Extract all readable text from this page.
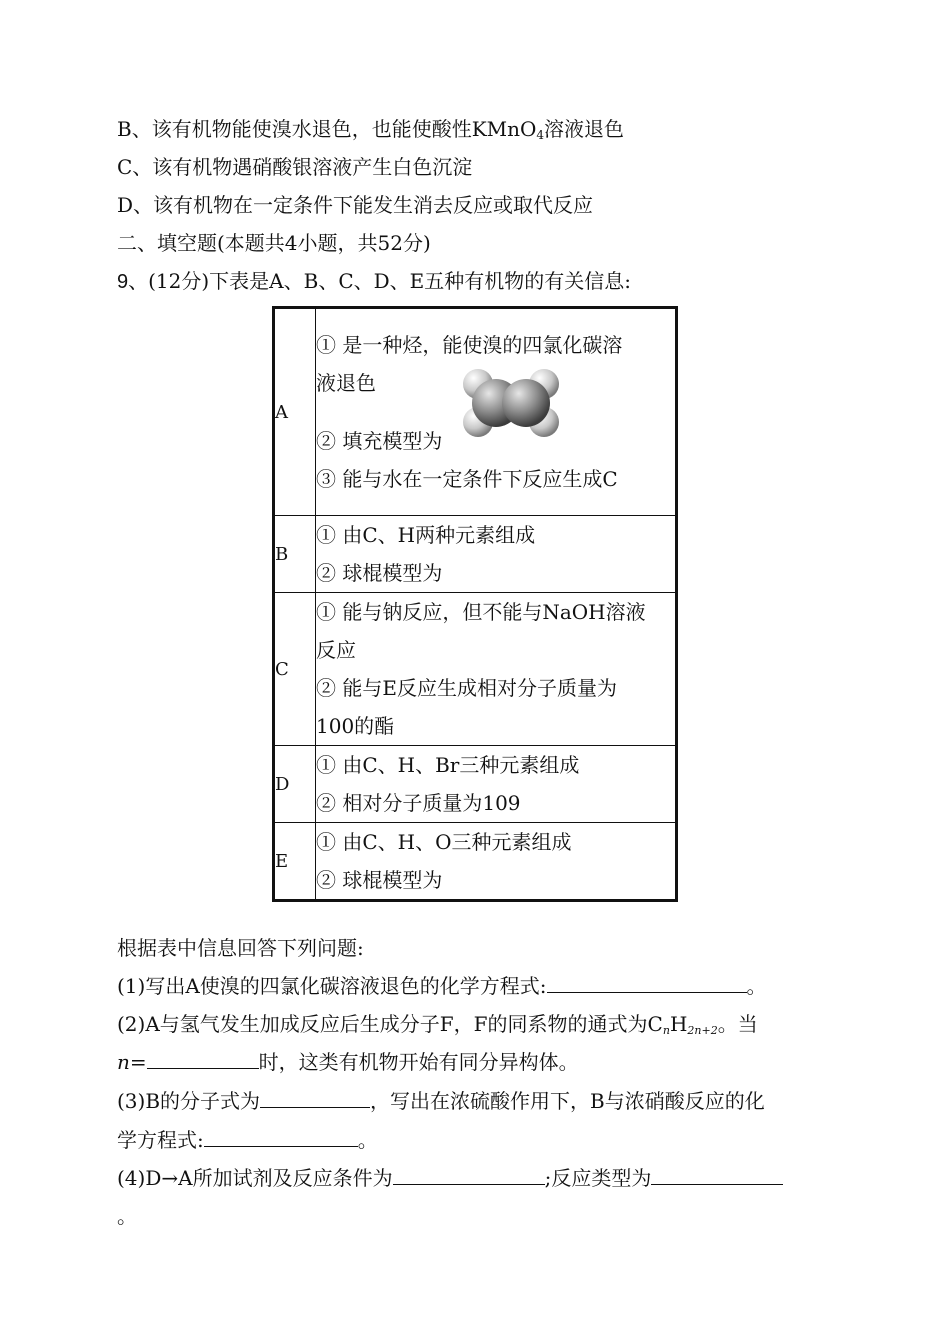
B、该有机物能使溴水退色，也能使酸性KMnO$_4$溶液退色
C、该有机物遇硝酸银溶液产生白色沉淀
D、该有机物在一定条件下能发生消去反应或取代反应
二、填空题(本题共4小题，共52分)
9、(12分)下表是A、B、C、D、E五种有机物的有关信息:
A	① 是一种烃，能使溴的四氯化碳溶
液退色
② 填充模型为
③ 能与水在一定条件下反应生成C

B	① 由C、H两种元素组成
② 球棍模型为

C	① 能与钠反应，但不能与NaOH溶液
反应
② 能与E反应生成相对分子质量为
100的酯

D	① 由C、H、Br三种元素组成
② 相对分子质量为109

E	① 由C、H、O三种元素组成
② 球棍模型为
根据表中信息回答下列问题:
(1)写出A使溴的四氯化碳溶液退色的化学方程式:	。
(2)A与氢气发生加成反应后生成分子F，F的同系物的通式为CnH2n+2。当
n=	时，这类有机物开始有同分异构体。
(3)B的分子式为	，写出在浓硫酸作用下，B与浓硝酸反应的化
学方程式:	。
(4)D→A所加试剂及反应条件为	;反应类型为
。
